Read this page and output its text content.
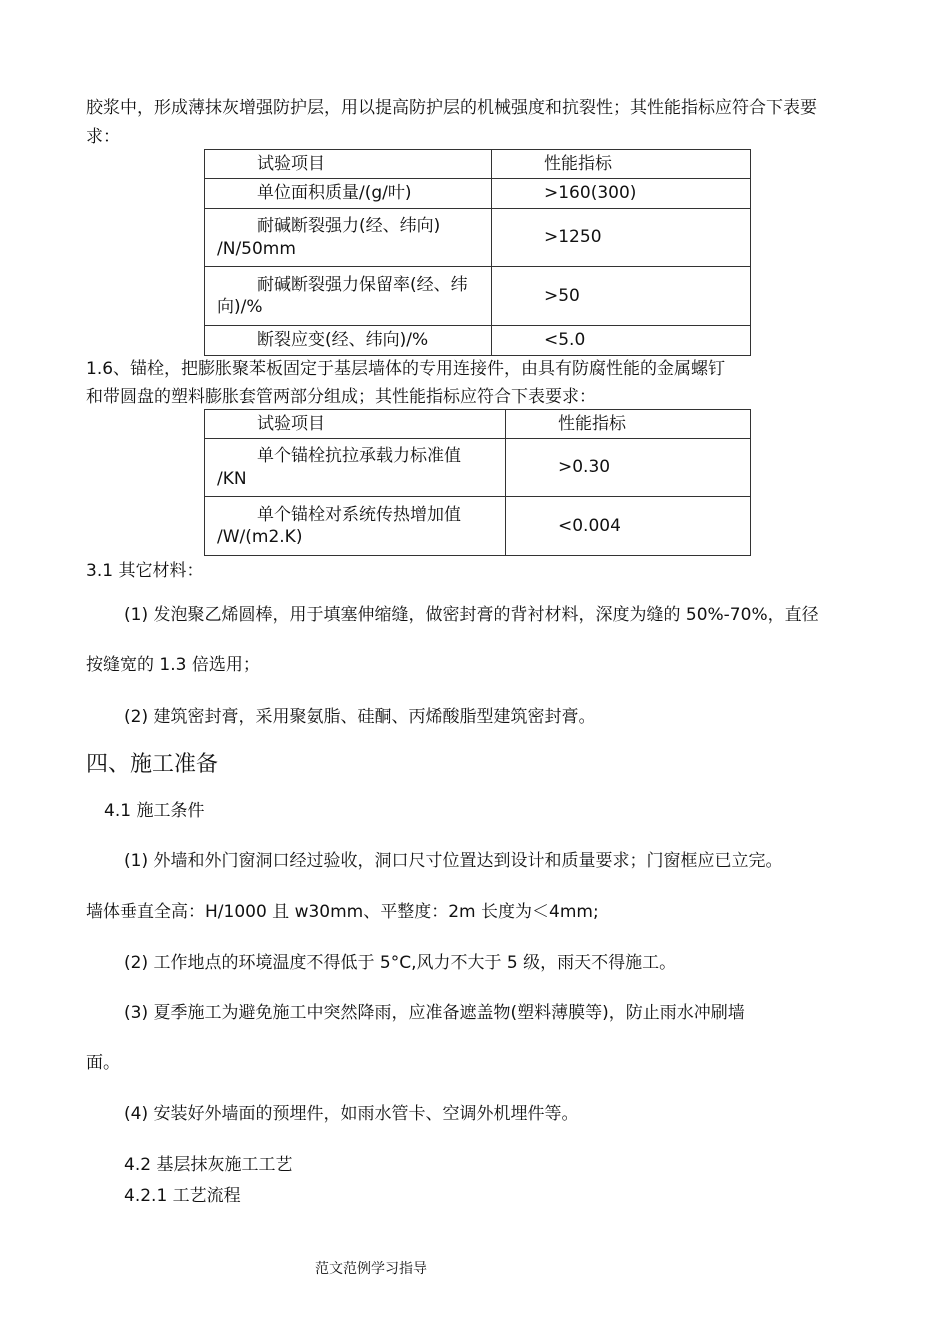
胶浆中，形成薄抹灰增强防护层，用以提高防护层的机械强度和抗裂性；其性能指标应符合下表要
求：
试验项目	性能指标
单位面积质量/(g/叶)	>160(300)
耐碱断裂强力(经、纬向)
/N/50mm	>1250
耐碱断裂强力保留率(经、纬
向)/%	>50
断裂应变(经、纬向)/%	<5.0
1.6、锚栓，把膨胀聚苯板固定于基层墙体的专用连接件，由具有防腐性能的金属螺钉
和带圆盘的塑料膨胀套管两部分组成；其性能指标应符合下表要求：
试验项目	性能指标
单个锚栓抗拉承载力标准值
/KN	>0.30
单个锚栓对系统传热增加值
/W/(m2.K)	<0.004
3.1 其它材料：
(1) 发泡聚乙烯圆棒，用于填塞伸缩缝，做密封膏的背衬材料，深度为缝的 50%-70%，直径
按缝宽的 1.3 倍选用；
(2) 建筑密封膏，采用聚氨脂、硅酮、丙烯酸脂型建筑密封膏。
四、施工准备
4.1 施工条件
(1) 外墙和外门窗洞口经过验收，洞口尺寸位置达到设计和质量要求；门窗框应已立完。
墙体垂直全高：H/1000 且 w30mm、平整度：2m 长度为＜4mm;
(2) 工作地点的环境温度不得低于 5°C,风力不大于 5 级，雨天不得施工。
(3) 夏季施工为避免施工中突然降雨，应准备遮盖物(塑料薄膜等)，防止雨水冲刷墙
面。
(4) 安装好外墙面的预埋件，如雨水管卡、空调外机埋件等。
4.2 基层抹灰施工工艺
4.2.1 工艺流程
范文范例学习指导
